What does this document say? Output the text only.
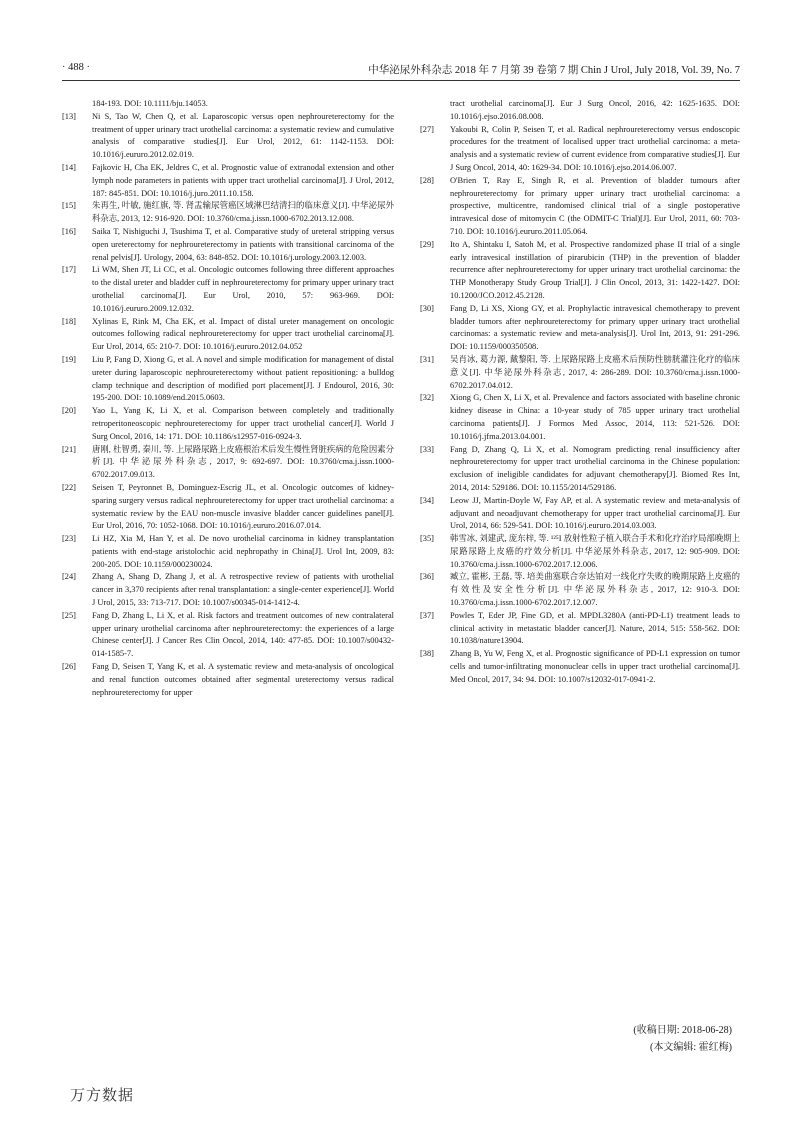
· 488 ·	中华泌尿外科杂志 2018 年 7 月第 39 卷第 7 期 Chin J Urol, July 2018, Vol. 39, No. 7
184-193. DOI: 10.1111/bju.14053.
[13] Ni S, Tao W, Chen Q, et al. Laparoscopic versus open nephroureterectomy for the treatment of upper urinary tract urothelial carcinoma: a systematic review and cumulative analysis of comparative studies[J]. Eur Urol, 2012, 61: 1142-1153. DOI: 10.1016/j.eururo.2012.02.019.
[14] Fajkovic H, Cha EK, Jeldres C, et al. Prognostic value of extranodal extension and other lymph node parameters in patients with upper tract urothelial carcinoma[J]. J Urol, 2012, 187: 845-851. DOI: 10.1016/j.juro.2011.10.158.
[15] 朱再生, 叶敏, 施红旗, 等. 肾盂输尿管癌区域淋巴结清扫的临床意义[J]. 中华泌尿外科杂志, 2013, 12: 916-920. DOI: 10.3760/cma.j.issn.1000-6702.2013.12.008.
[16] Saika T, Nishiguchi J, Tsushima T, et al. Comparative study of ureteral stripping versus open ureterectomy for nephroureterectomy in patients with transitional carcinoma of the renal pelvis[J]. Urology, 2004, 63: 848-852. DOI: 10.1016/j.urology.2003.12.003.
[17] Li WM, Shen JT, Li CC, et al. Oncologic outcomes following three different approaches to the distal ureter and bladder cuff in nephroureterectomy for primary upper urinary tract urothelial carcinoma[J]. Eur Urol, 2010, 57: 963-969. DOI: 10.1016/j.eururo.2009.12.032.
[18] Xylinas E, Rink M, Cha EK, et al. Impact of distal ureter management on oncologic outcomes following radical nephroureterectomy for upper tract urothelial carcinoma[J]. Eur Urol, 2014, 65: 210-7. DOI: 10.1016/j.eururo.2012.04.052
[19] Liu P, Fang D, Xiong G, et al. A novel and simple modification for management of distal ureter during laparoscopic nephroureterectomy without patient repositioning: a bulldog clamp technique and description of modified port placement[J]. J Endourol, 2016, 30: 195-200. DOI: 10.1089/end.2015.0603.
[20] Yao L, Yang K, Li X, et al. Comparison between completely and traditionally retroperitoneoscopic nephroureterectomy for upper tract urothelial cancer[J]. World J Surg Oncol, 2016, 14: 171. DOI: 10.1186/s12957-016-0924-3.
[21] 唐刚, 杜智勇, 秦川, 等. 上尿路尿路上皮癌根治术后发生慢性肾脏疾病的危险因素分析[J]. 中华泌尿外科杂志, 2017, 9: 692-697. DOI: 10.3760/cma.j.issn.1000-6702.2017.09.013.
[22] Seisen T, Peyronnet B, Dominguez-Escrig JL, et al. Oncologic outcomes of kidney-sparing surgery versus radical nephroureterectomy for upper tract urothelial carcinoma: a systematic review by the EAU non-muscle invasive bladder cancer guidelines panel[J]. Eur Urol, 2016, 70: 1052-1068. DOI: 10.1016/j.eururo.2016.07.014.
[23] Li HZ, Xia M, Han Y, et al. De novo urothelial carcinoma in kidney transplantation patients with end-stage aristolochic acid nephropathy in China[J]. Urol Int, 2009, 83: 200-205. DOI: 10.1159/000230024.
[24] Zhang A, Shang D, Zhang J, et al. A retrospective review of patients with urothelial cancer in 3,370 recipients after renal transplantation: a single-center experience[J]. World J Urol, 2015, 33: 713-717. DOI: 10.1007/s00345-014-1412-4.
[25] Fang D, Zhang L, Li X, et al. Risk factors and treatment outcomes of new contralateral upper urinary urothelial carcinoma after nephroureterectomy: the experiences of a large Chinese center[J]. J Cancer Res Clin Oncol, 2014, 140: 477-85. DOI: 10.1007/s00432-014-1585-7.
[26] Fang D, Seisen T, Yang K, et al. A systematic review and meta-analysis of oncological and renal function outcomes obtained after segmental ureterectomy versus radical nephroureterectomy for upper
tract urothelial carcinoma[J]. Eur J Surg Oncol, 2016, 42: 1625-1635. DOI: 10.1016/j.ejso.2016.08.008.
[27] Yakoubi R, Colin P, Seisen T, et al. Radical nephroureterectomy versus endoscopic procedures for the treatment of localised upper tract urothelial carcinoma: a meta-analysis and a systematic review of current evidence from comparative studies[J]. Eur J Surg Oncol, 2014, 40: 1629-34. DOI: 10.1016/j.ejso.2014.06.007.
[28] O'Brien T, Ray E, Singh R, et al. Prevention of bladder tumours after nephroureterectomy for primary upper urinary tract urothelial carcinoma: a prospective, multicentre, randomised clinical trial of a single postoperative intravesical dose of mitomycin C (the ODMIT-C Trial)[J]. Eur Urol, 2011, 60: 703-710. DOI: 10.1016/j.eururo.2011.05.064.
[29] Ito A, Shintaku I, Satoh M, et al. Prospective randomized phase II trial of a single early intravesical instillation of pirarubicin (THP) in the prevention of bladder recurrence after nephroureterectomy for upper urinary tract urothelial carcinoma: the THP Monotherapy Study Group Trial[J]. J Clin Oncol, 2013, 31: 1422-1427. DOI: 10.1200/JCO.2012.45.2128.
[30] Fang D, Li XS, Xiong GY, et al. Prophylactic intravesical chemotherapy to prevent bladder tumors after nephroureterectomy for primary upper urinary tract urothelial carcinomas: a systematic review and meta-analysis[J]. Urol Int, 2013, 91: 291-296. DOI: 10.1159/000350508.
[31] 吴肖冰, 葛力源, 戴黎阳, 等. 上尿路尿路上皮癌术后预防性膀胱灌注化疗的临床意义[J]. 中华泌尿外科杂志, 2017, 4: 286-289. DOI: 10.3760/cma.j.issn.1000-6702.2017.04.012.
[32] Xiong G, Chen X, Li X, et al. Prevalence and factors associated with baseline chronic kidney disease in China: a 10-year study of 785 upper urinary tract urothelial carcinoma patients[J]. J Formos Med Assoc, 2014, 113: 521-526. DOI: 10.1016/j.jfma.2013.04.001.
[33] Fang D, Zhang Q, Li X, et al. Nomogram predicting renal insufficiency after nephroureterectomy for upper tract urothelial carcinoma in the Chinese population: exclusion of ineligible candidates for adjuvant chemotherapy[J]. Biomed Res Int, 2014, 2014: 529186. DOI: 10.1155/2014/529186.
[34] Leow JJ, Martin-Doyle W, Fay AP, et al. A systematic review and meta-analysis of adjuvant and neoadjuvant chemotherapy for upper tract urothelial carcinoma[J]. Eur Urol, 2014, 66: 529-541. DOI: 10.1016/j.eururo.2014.03.003.
[35] 韩雪冰, 刘建武, 庞东梓, 等. ¹²⁵I 放射性粒子植入联合手术和化疗治疗局部晚期上尿路尿路上皮癌的疗效分析[J]. 中华泌尿外科杂志, 2017, 12: 905-909. DOI: 10.3760/cma.j.issn.1000-6702.2017.12.006.
[36] 臧立, 霍彬, 王磊, 等. 培美曲塞联合奈达铂对一线化疗失败的晚期尿路上皮癌的有效性及安全性分析[J]. 中华泌尿外科杂志, 2017, 12: 910-3. DOI: 10.3760/cma.j.issn.1000-6702.2017.12.007.
[37] Powles T, Eder JP, Fine GD, et al. MPDL3280A (anti-PD-L1) treatment leads to clinical activity in metastatic bladder cancer[J]. Nature, 2014, 515: 558-562. DOI: 10.1038/nature13904.
[38] Zhang B, Yu W, Feng X, et al. Prognostic significance of PD-L1 expression on tumor cells and tumor-infiltrating mononuclear cells in upper tract urothelial carcinoma[J]. Med Oncol, 2017, 34: 94. DOI: 10.1007/s12032-017-0941-2.
(收稿日期: 2018-06-28)
(本文编辑: 霍红梅)
万方数据
